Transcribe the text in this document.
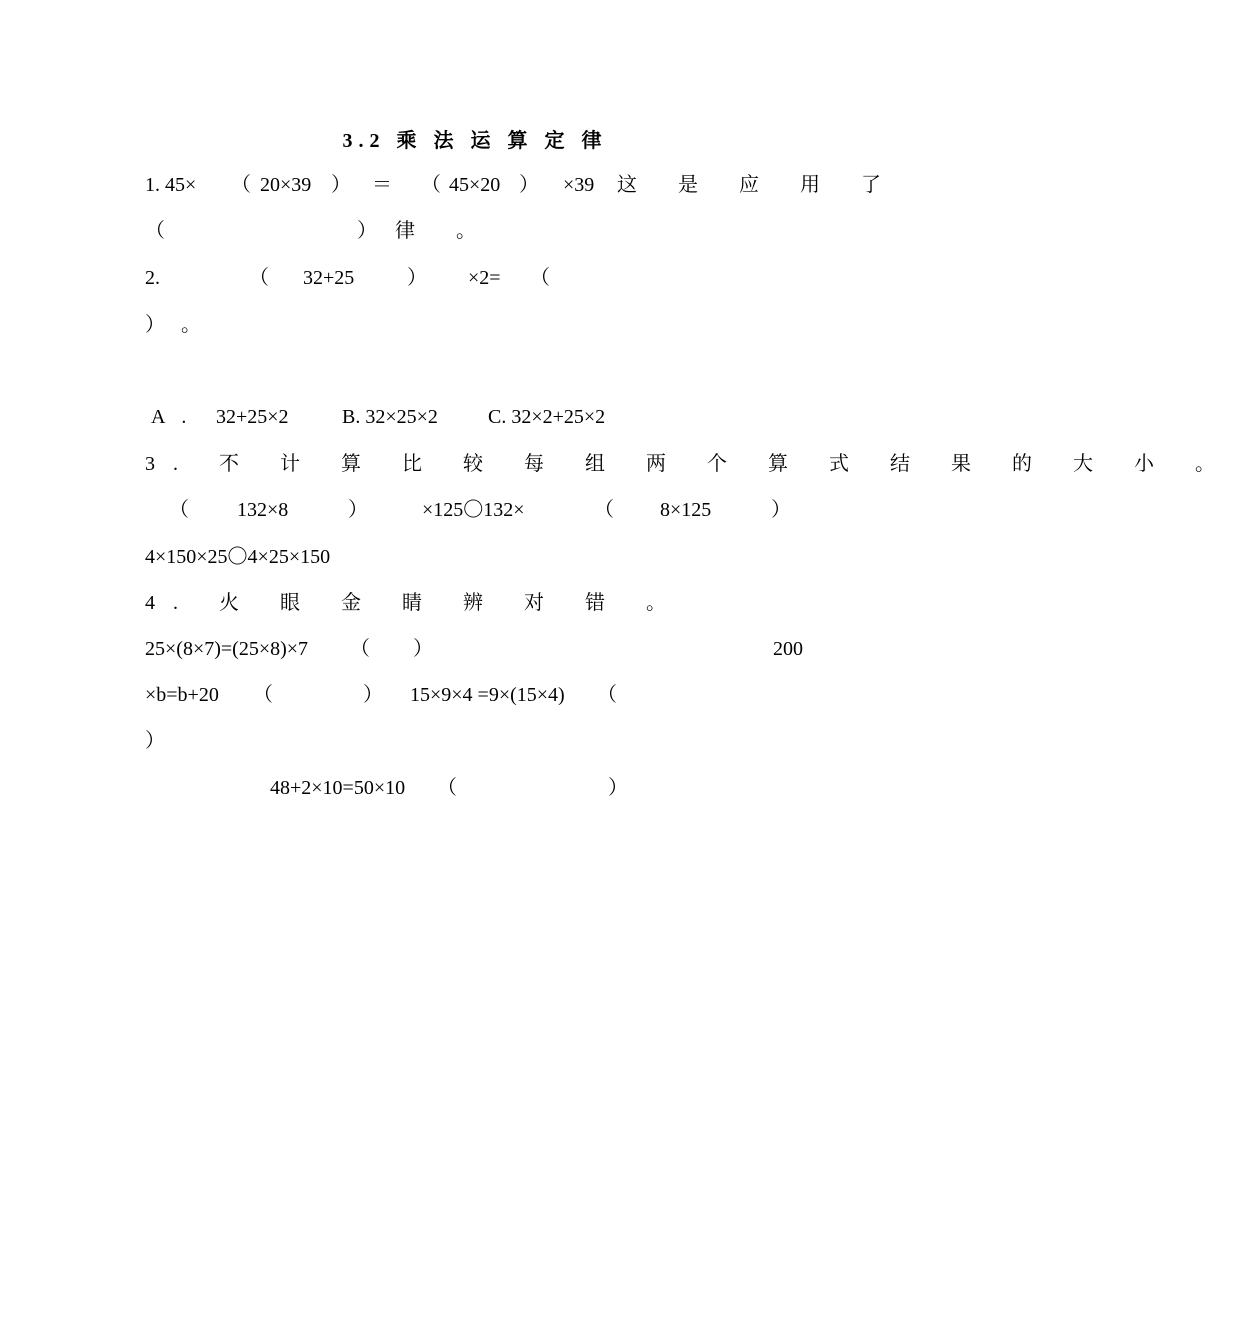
3.2 乘 法 运 算 定 律
1. 45× （ 20×39 ） ＝ （ 45×20 ） ×39 这 是 应 用 了
（	） 律 。
2.	（ 32+25	） ×2= （
） 。
A . 32+25×2	B. 32×25×2	C. 32×2+25×2
3. 不 计 算 比 较 每 组 两 个 算 式 结 果 的 大 小 。
（ 132×8	）	×125〇132×	（ 8×125	）
4×150×25〇4×25×150
4. 火 眼 金 睛 辨 对 错 。
25×(8×7)=(25×8)×7 （ ）	200
×b=b+20 （	） 15×9×4 =9×(15×4) （
）
48+2×10=50×10 （	）
